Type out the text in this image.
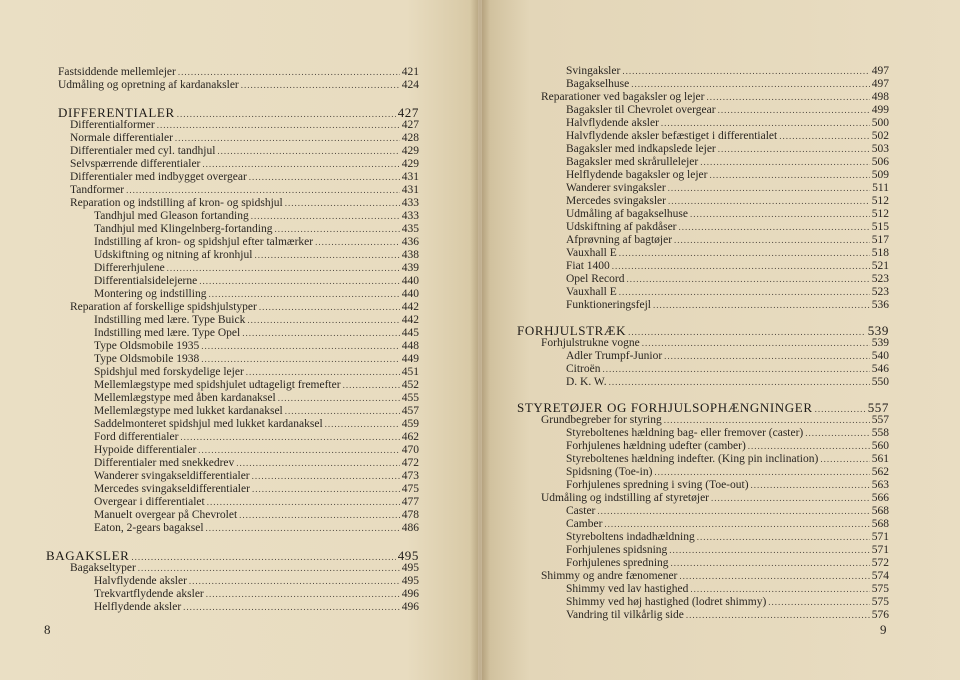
Fastsiddende mellemlejer .....	421
Udmåling og opretning af kardanaksler .....	424
DIFFERENTIALER .....	427
Differentialformer .....	427
Normale differentialer .....	428
Differentialer med cyl. tandhjul .....	429
Selvspærrende differentialer .....	429
Differentialer med indbygget overgear .....	431
Tandformer .....	431
Reparation og indstilling af kron- og spidshjul .....	433
Tandhjul med Gleason fortanding .....	433
Tandhjul med Klingelnberg-fortanding .....	435
Indstilling af kron- og spidshjul efter talmærker .....	436
Udskiftning og nitning af kronhjul .....	438
Differerhjulene .....	439
Differentialsidelejerne .....	440
Montering og indstilling .....	440
Reparation af forskellige spidshjulstyper .....	442
Indstilling med lære. Type Buick .....	442
Indstilling med lære. Type Opel .....	445
Type Oldsmobile 1935 .....	448
Type Oldsmobile 1938 .....	449
Spidshjul med forskydelige lejer .....	451
Mellemlægstype med spidshjulet udtageligt fremefter .....	452
Mellemlægstype med åben kardanaksel .....	455
Mellemlægstype med lukket kardanaksel .....	457
Saddelmonteret spidshjul med lukket kardanaksel .....	459
Ford differentialer .....	462
Hypoide differentialer .....	470
Differentialer med snekkedrev .....	472
Wanderer svingakseldifferentialer .....	473
Mercedes svingakseldifferentialer .....	475
Overgear i differentialet .....	477
Manuelt overgear på Chevrolet .....	478
Eaton, 2-gears bagaksel .....	486
BAGAKSLER .....	495
Bagakseltyper .....	495
Halvflydende aksler .....	495
Trekvartflydende aksler .....	496
Helflydende aksler .....	496
Svingaksler .....	497
Bagakselhuse .....	497
Reparationer ved bagaksler og lejer .....	498
Bagaksler til Chevrolet overgear .....	499
Halvflydende aksler .....	500
Halvflydende aksler befæstiget i differentialet .....	502
Bagaksler med indkapslede lejer .....	503
Bagaksler med skrårullelejer .....	506
Helflydende bagaksler og lejer .....	509
Wanderer svingaksler .....	511
Mercedes svingaksler .....	512
Udmåling af bagakselhuse .....	512
Udskiftning af pakdåser .....	515
Afprøvning af bagtøjer .....	517
Vauxhall E .....	518
Fiat 1400 .....	521
Opel Record .....	523
Vauxhall E .....	523
Funktioneringsfejl .....	536
FORHJULSTRÆK .....	539
Forhjulstrukne vogne .....	539
Adler Trumpf-Junior .....	540
Citroën .....	546
D. K. W. .....	550
STYRETØJER OG FORHJULSOPHÆNGNINGER .....	557
Grundbegreber for styring .....	557
Styreboltenes hældning bag- eller fremover (caster) .....	558
Forhjulenes hældning udefter (camber) .....	560
Styreboltenes hældning indefter. (King pin inclination) .....	561
Spidsning (Toe-in) .....	562
Forhjulenes spredning i sving (Toe-out) .....	563
Udmåling og indstilling af styretøjer .....	566
Caster .....	568
Camber .....	568
Styreboltens indadhældning .....	571
Forhjulenes spidsning .....	571
Forhjulenes spredning .....	572
Shimmy og andre fænomener .....	574
Shimmy ved lav hastighed .....	575
Shimmy ved høj hastighed (lodret shimmy) .....	575
Vandring til vilkårlig side .....	576
8	9
